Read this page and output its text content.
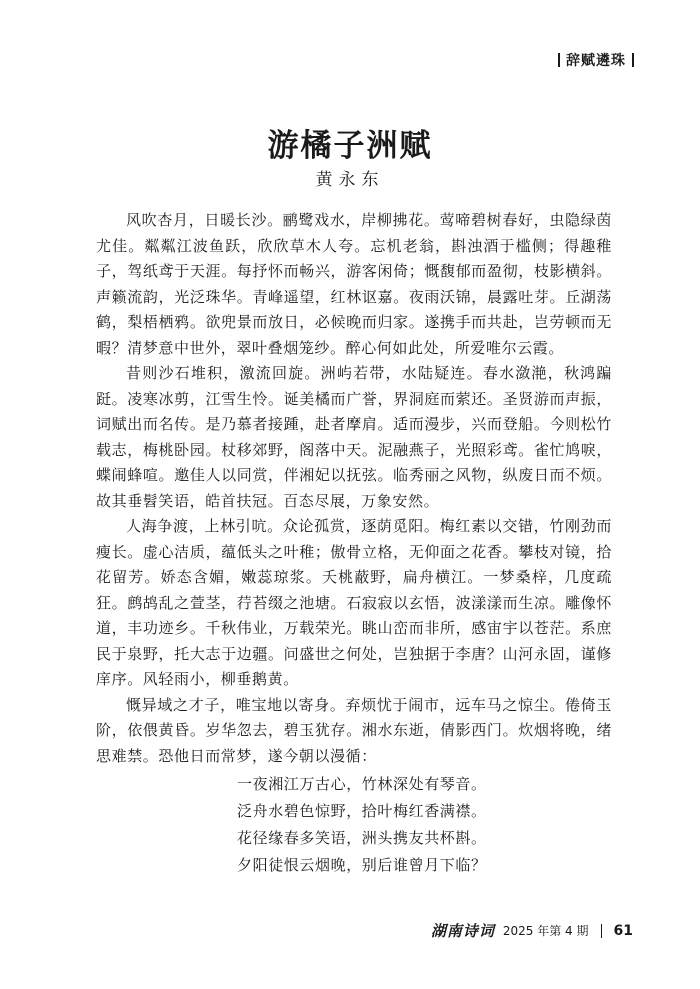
辞赋遴珠
游橘子洲赋
黄永东

风吹杏月，日暖长沙。鹂鹭戏水，岸柳拂花。莺啼碧树春好，虫隐绿茵尤佳。粼粼江波鱼跃，欣欣草木人夸。忘机老翁，斟浊酒于槛侧；得趣稚子，驾纸鸢于天涯。每抒怀而畅兴，游客闲倚；慨馥郁而盈彻，枝影横斜。声籁流韵，光泛珠华。青峰遥望，红林讴嘉。夜雨沃锦，晨露吐芽。丘湖荡鹤，梨梧栖鸦。欲兜景而放日，必候晚而归家。遂携手而共赴，岂劳顿而无暇？清梦意中世外，翠叶叠烟笼纱。醉心何如此处，所爱唯尔云霞。

昔则沙石堆积，激流回旋。洲屿若带，水陆疑连。春水潋滟，秋鸿蹁跹。凌寒冰剪，江雪生怜。诞美橘而广誉，界洞庭而萦还。圣贤游而声振，词赋出而名传。是乃慕者接踵，赴者摩肩。适而漫步，兴而登船。今则松竹载志，梅桃卧园。杖移郊野，阁落中天。泥融燕子，光照彩鸢。雀忙鸠唳，蝶闹蜂喧。邀佳人以同赏，伴湘妃以抚弦。临秀丽之风物，纵废日而不烦。故其垂髫笑语，皓首扶冠。百态尽展，万象安然。

人海争渡，上林引吭。众论孤赏，逐荫觅阳。梅红素以交错，竹刚劲而瘦长。虚心洁质，蕴低头之叶稚；傲骨立格，无仰面之花香。攀枝对镜，拾花留芳。娇态含媚，嫩蕊琼浆。夭桃蔽野，扁舟横江。一梦桑梓，几度疏狂。鹧鸪乱之萱茎，荇苔缀之池塘。石寂寂以玄悟，波漾漾而生凉。雕像怀道，丰功迹乡。千秋伟业，万载荣光。眺山峦而非所，感宙宇以苍茫。系庶民于泉野，托大志于边疆。问盛世之何处，岂独据于李唐？山河永固，谨修庠序。风轻雨小，柳垂鹅黄。

慨异域之才子，唯宝地以寄身。弃烦忧于闹市，远车马之惊尘。倦倚玉阶，依偎黄昏。岁华忽去，碧玉犹存。湘水东逝，倩影西门。炊烟将晚，绪思难禁。恐他日而常梦，遂今朝以漫循：

一夜湘江万古心，竹林深处有琴音。
泛舟水碧色惊野，拾叶梅红香满襟。
花径缘春多笑语，洲头携友共杯斟。
夕阳徒恨云烟晚，别后谁曾月下临？
湖南诗词 2025 年第 4 期 61
